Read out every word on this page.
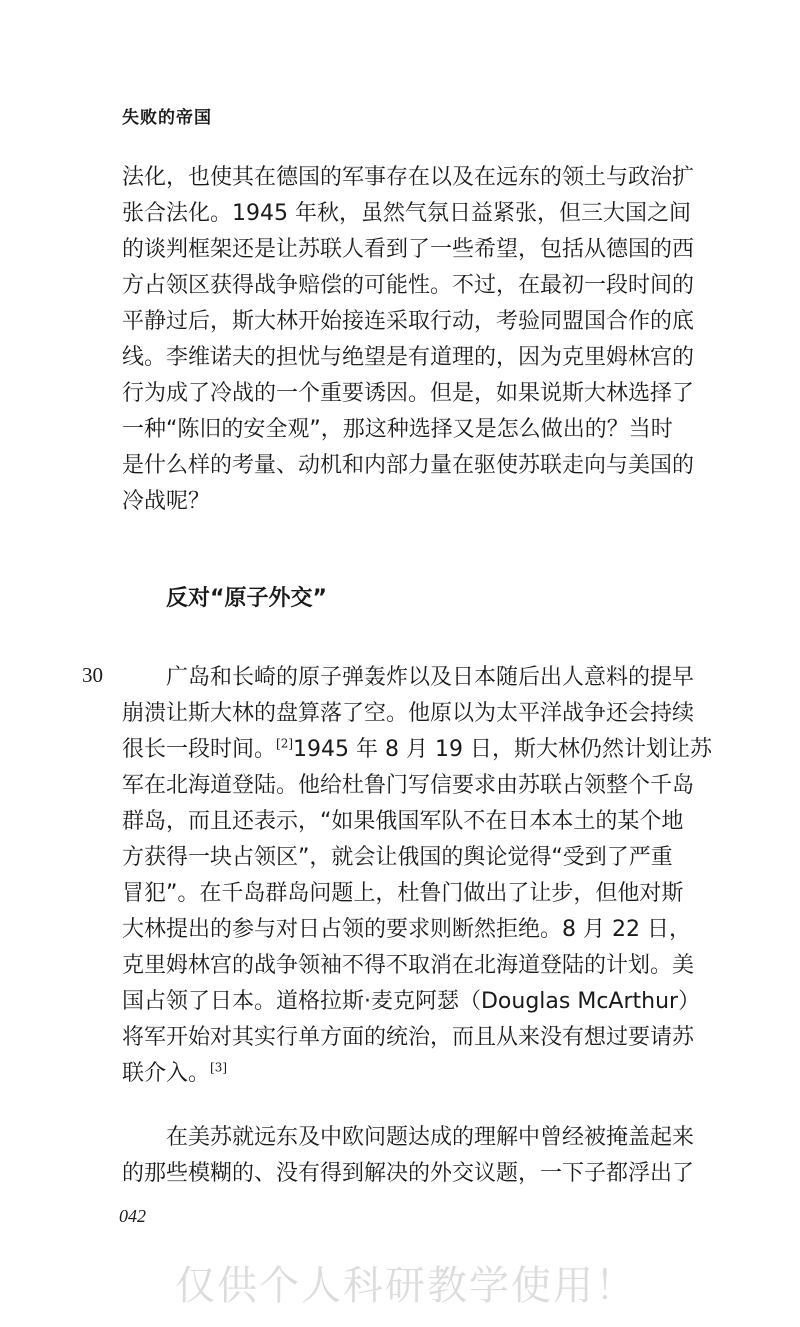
失败的帝国
法化，也使其在德国的军事存在以及在远东的领土与政治扩
张合法化。1945 年秋，虽然气氛日益紧张，但三大国之间
的谈判框架还是让苏联人看到了一些希望，包括从德国的西
方占领区获得战争赔偿的可能性。不过，在最初一段时间的
平静过后，斯大林开始接连采取行动，考验同盟国合作的底
线。李维诺夫的担忧与绝望是有道理的，因为克里姆林宫的
行为成了冷战的一个重要诱因。但是，如果说斯大林选择了
一种“陈旧的安全观”，那这种选择又是怎么做出的？当时
是什么样的考量、动机和内部力量在驱使苏联走向与美国的
冷战呢？
反对“原子外交”
30	广岛和长崎的原子弹轰炸以及日本随后出人意料的提早
崩溃让斯大林的盘算落了空。他原以为太平洋战争还会持续
很长一段时间。[2]1945 年 8 月 19 日，斯大林仍然计划让苏
军在北海道登陆。他给杜鲁门写信要求由苏联占领整个千岛
群岛，而且还表示，“如果俄国军队不在日本本土的某个地
方获得一块占领区”，就会让俄国的舆论觉得“受到了严重
冒犯”。在千岛群岛问题上，杜鲁门做出了让步，但他对斯
大林提出的参与对日占领的要求则断然拒绝。8 月 22 日，
克里姆林宫的战争领袖不得不取消在北海道登陆的计划。美
国占领了日本。道格拉斯·麦克阿瑟（Douglas McArthur）
将军开始对其实行单方面的统治，而且从来没有想过要请苏
联介入。[3]
在美苏就远东及中欧问题达成的理解中曾经被掩盖起来
的那些模糊的、没有得到解决的外交议题，一下子都浮出了
042
仅供个人科研教学使用！
